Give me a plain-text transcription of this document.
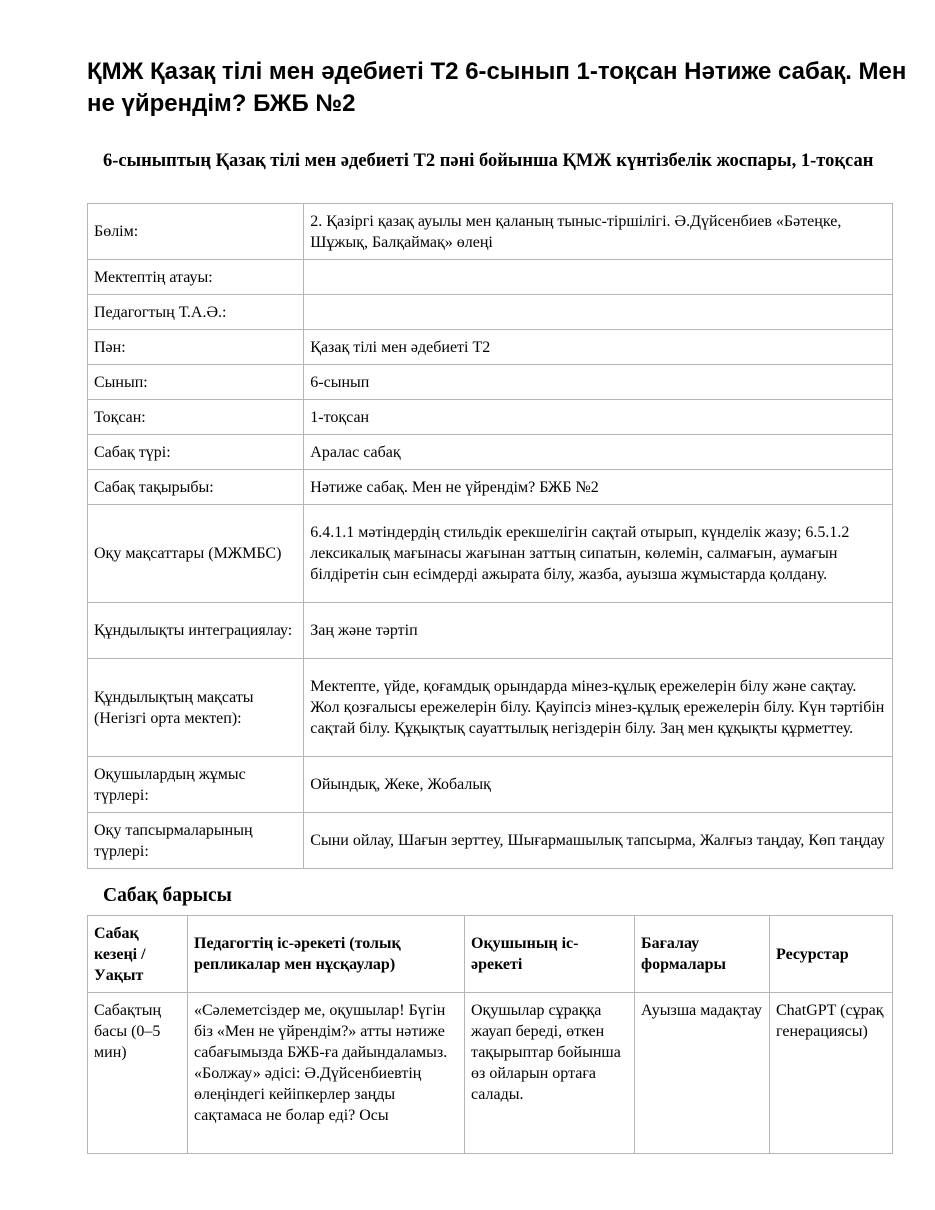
ҚМЖ Қазақ тілі мен әдебиеті Т2 6-сынып 1-тоқсан Нәтиже сабақ. Мен не үйрендім? БЖБ №2
6-сыныптың Қазақ тілі мен әдебиеті Т2 пәні бойынша ҚМЖ күнтізбелік жоспары, 1-тоқсан
Бөлім:	2. Қазіргі қазақ ауылы мен қаланың тыныс-тіршілігі. Ә.Дүйсенбиев «Бәтеңке, Шұжық, Балқаймақ» өлеңі
Мектептің атауы:	
Педагогтың Т.А.Ә.:	
Пән:	Қазақ тілі мен әдебиеті Т2
Сынып:	6-сынып
Тоқсан:	1-тоқсан
Сабақ түрі:	Аралас сабақ
Сабақ тақырыбы:	Нәтиже сабақ. Мен не үйрендім? БЖБ №2
Оқу мақсаттары (МЖМБС)	6.4.1.1 мәтіндердің стильдік ерекшелігін сақтай отырып, күнделік жазу; 6.5.1.2 лексикалық мағынасы жағынан заттың сипатын, көлемін, салмағын, аумағын білдіретін сын есімдерді ажырата білу, жазба, ауызша жұмыстарда қолдану.
Құндылықты интеграциялау:	Заң және тәртіп
Құндылықтың мақсаты (Негізгі орта мектеп):	Мектепте, үйде, қоғамдық орындарда мінез-құлық ережелерін білу және сақтау. Жол қозғалысы ережелерін білу. Қауіпсіз мінез-құлық ережелерін білу. Күн тәртібін сақтай білу. Құқықтық сауаттылық негіздерін білу. Заң мен құқықты құрметтеу.
Оқушылардың жұмыс түрлері:	Ойындық, Жеке, Жобалық
Оқу тапсырмаларының түрлері:	Сыни ойлау, Шағын зерттеу, Шығармашылық тапсырма, Жалғыз таңдау, Көп таңдау
Сабақ барысы
Сабақ кезеңі / Уақыт	Педагогтің іс-әрекеті (толық репликалар мен нұсқаулар)	Оқушының іс-әрекеті	Бағалау формалары	Ресурстар
Сабақтың басы (0–5 мин)	«Сәлеметсіздер ме, оқушылар! Бүгін біз «Мен не үйрендім?» атты нәтиже сабағымызда БЖБ-ға дайындаламыз. «Болжау» әдісі: Ә.Дүйсенбиевтің өлеңіндегі кейіпкерлер заңды сақтамаса не болар еді? Осы	Оқушылар сұраққа жауап береді, өткен тақырыптар бойынша өз ойларын ортаға салады.	Ауызша мадақтау	ChatGPT (сұрақ генерациясы)
